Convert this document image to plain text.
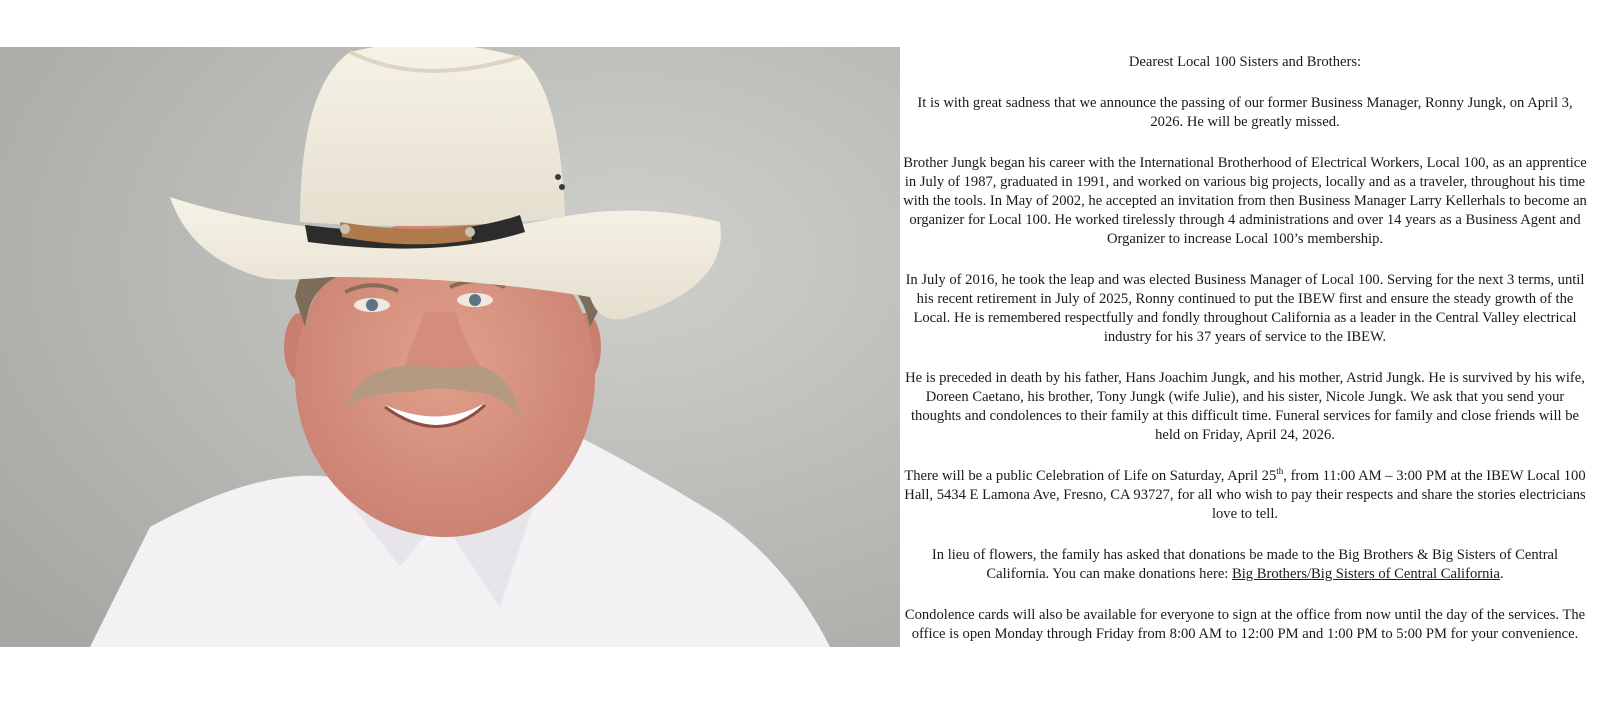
Dearest Local 100 Sisters and Brothers:

It is with great sadness that we announce the passing of our former Business Manager, Ronny Jungk, on April 3, 2026. He will be greatly missed.

Brother Jungk began his career with the International Brotherhood of Electrical Workers, Local 100, as an apprentice in July of 1987, graduated in 1991, and worked on various big projects, locally and as a traveler, throughout his time with the tools. In May of 2002, he accepted an invitation from then Business Manager Larry Kellerhals to become an organizer for Local 100. He worked tirelessly through 4 administrations and over 14 years as a Business Agent and Organizer to increase Local 100’s membership.

In July of 2016, he took the leap and was elected Business Manager of Local 100. Serving for the next 3 terms, until his recent retirement in July of 2025, Ronny continued to put the IBEW first and ensure the steady growth of the Local. He is remembered respectfully and fondly throughout California as a leader in the Central Valley electrical industry for his 37 years of service to the IBEW.

He is preceded in death by his father, Hans Joachim Jungk, and his mother, Astrid Jungk. He is survived by his wife, Doreen Caetano, his brother, Tony Jungk (wife Julie), and his sister, Nicole Jungk. We ask that you send your thoughts and condolences to their family at this difficult time. Funeral services for family and close friends will be held on Friday, April 24, 2026.

There will be a public Celebration of Life on Saturday, April 25th, from 11:00 AM – 3:00 PM at the IBEW Local 100 Hall, 5434 E Lamona Ave, Fresno, CA 93727, for all who wish to pay their respects and share the stories electricians love to tell.

In lieu of flowers, the family has asked that donations be made to the Big Brothers & Big Sisters of Central California. You can make donations here: Big Brothers/Big Sisters of Central California.

Condolence cards will also be available for everyone to sign at the office from now until the day of the services. The office is open Monday through Friday from 8:00 AM to 12:00 PM and 1:00 PM to 5:00 PM for your convenience.
